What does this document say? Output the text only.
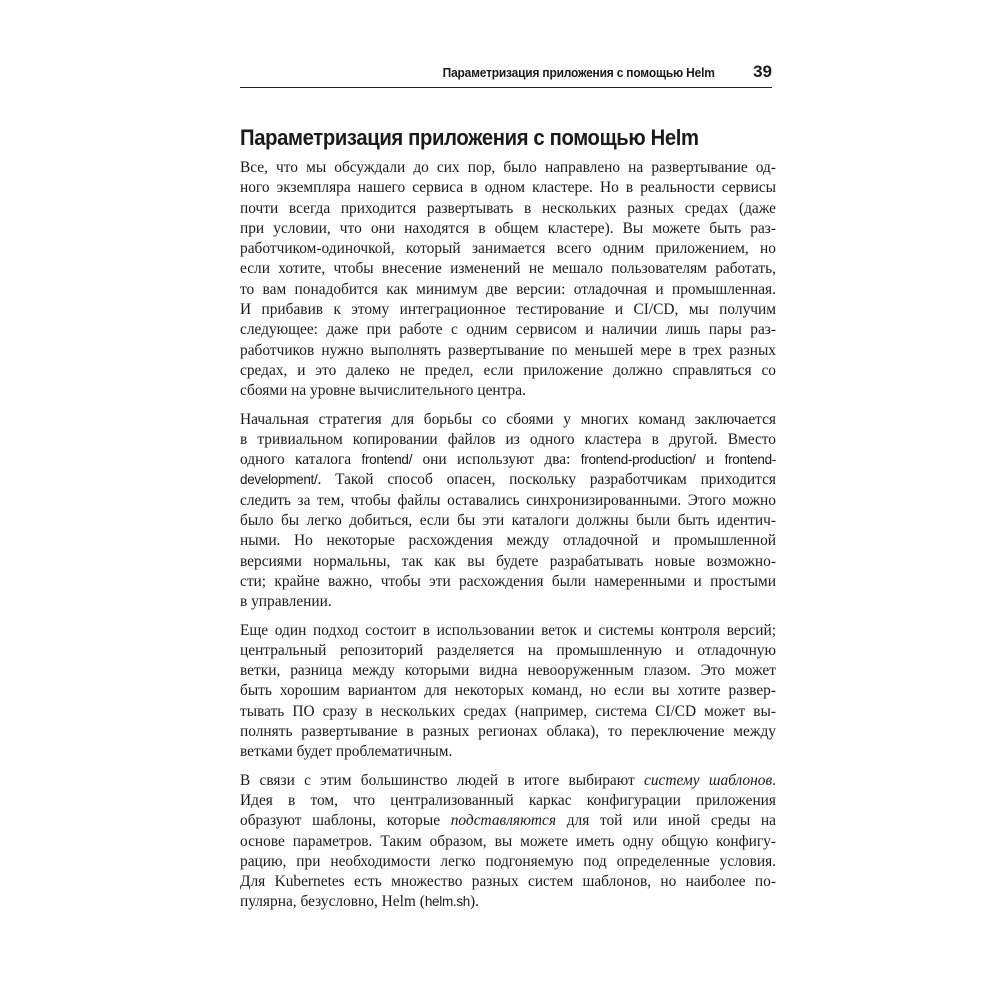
Параметризация приложения с помощью Helm 39
Параметризация приложения с помощью Helm

Все, что мы обсуждали до сих пор, было направлено на развертывание од-
ного экземпляра нашего сервиса в одном кластере. Но в реальности сервисы
почти всегда приходится развертывать в нескольких разных средах (даже
при условии, что они находятся в общем кластере). Вы можете быть раз-
работчиком-одиночкой, который занимается всего одним приложением, но
если хотите, чтобы внесение изменений не мешало пользователям работать,
то вам понадобится как минимум две версии: отладочная и промышленная.
И прибавив к этому интеграционное тестирование и CI/CD, мы получим
следующее: даже при работе с одним сервисом и наличии лишь пары раз-
работчиков нужно выполнять развертывание по меньшей мере в трех разных
средах, и это далеко не предел, если приложение должно справляться со
сбоями на уровне вычислительного центра.

Начальная стратегия для борьбы со сбоями у многих команд заключается
в тривиальном копировании файлов из одного кластера в другой. Вместо
одного каталога frontend/ они используют два: frontend-production/ и frontend-
development/. Такой способ опасен, поскольку разработчикам приходится
следить за тем, чтобы файлы оставались синхронизированными. Этого можно
было бы легко добиться, если бы эти каталоги должны были быть идентич-
ными. Но некоторые расхождения между отладочной и промышленной
версиями нормальны, так как вы будете разрабатывать новые возможно-
сти; крайне важно, чтобы эти расхождения были намеренными и простыми
в управлении.

Еще один подход состоит в использовании веток и системы контроля версий;
центральный репозиторий разделяется на промышленную и отладочную
ветки, разница между которыми видна невооруженным глазом. Это может
быть хорошим вариантом для некоторых команд, но если вы хотите развер-
тывать ПО сразу в нескольких средах (например, система CI/CD может вы-
полнять развертывание в разных регионах облака), то переключение между
ветками будет проблематичным.

В связи с этим большинство людей в итоге выбирают систему шаблонов.
Идея в том, что централизованный каркас конфигурации приложения
образуют шаблоны, которые подставляются для той или иной среды на
основе параметров. Таким образом, вы можете иметь одну общую конфигу-
рацию, при необходимости легко подгоняемую под определенные условия.
Для Kubernetes есть множество разных систем шаблонов, но наиболее по-
пулярна, безусловно, Helm (helm.sh).
